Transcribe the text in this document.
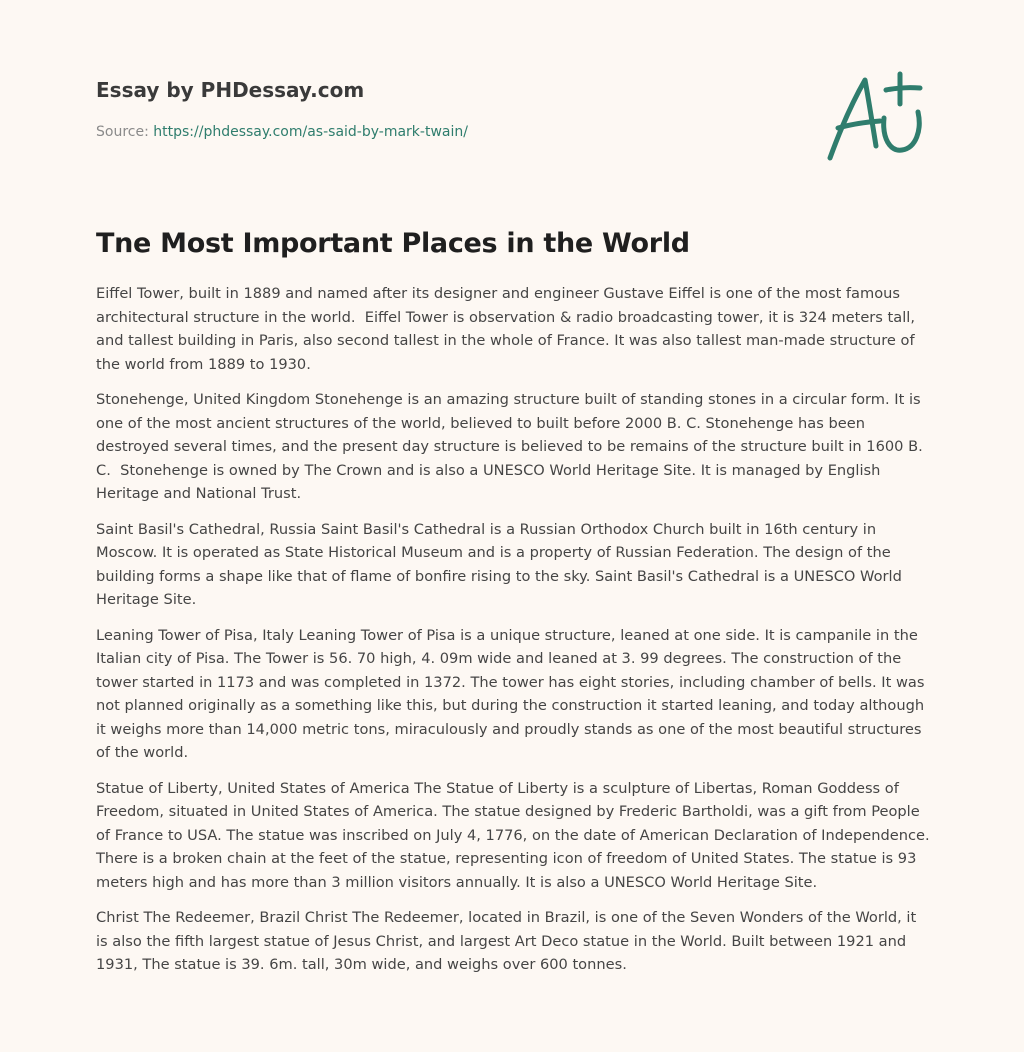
Essay by PHDessay.com
Source: https://phdessay.com/as-said-by-mark-twain/
Tne Most Important Places in the World

Eiffel Tower, built in 1889 and named after its designer and engineer Gustave Eiffel is one of the most famous architectural structure in the world.  Eiffel Tower is observation & radio broadcasting tower, it is 324 meters tall, and tallest building in Paris, also second tallest in the whole of France. It was also tallest man-made structure of the world from 1889 to 1930.

Stonehenge, United Kingdom Stonehenge is an amazing structure built of standing stones in a circular form. It is one of the most ancient structures of the world, believed to built before 2000 B. C. Stonehenge has been destroyed several times, and the present day structure is believed to be remains of the structure built in 1600 B. C.  Stonehenge is owned by The Crown and is also a UNESCO World Heritage Site. It is managed by English Heritage and National Trust.

Saint Basil's Cathedral, Russia Saint Basil's Cathedral is a Russian Orthodox Church built in 16th century in Moscow. It is operated as State Historical Museum and is a property of Russian Federation. The design of the building forms a shape like that of flame of bonfire rising to the sky. Saint Basil's Cathedral is a UNESCO World Heritage Site.

Leaning Tower of Pisa, Italy Leaning Tower of Pisa is a unique structure, leaned at one side. It is campanile in the Italian city of Pisa. The Tower is 56. 70 high, 4. 09m wide and leaned at 3. 99 degrees. The construction of the tower started in 1173 and was completed in 1372. The tower has eight stories, including chamber of bells. It was not planned originally as a something like this, but during the construction it started leaning, and today although it weighs more than 14,000 metric tons, miraculously and proudly stands as one of the most beautiful structures of the world.

Statue of Liberty, United States of America The Statue of Liberty is a sculpture of Libertas, Roman Goddess of Freedom, situated in United States of America. The statue designed by Frederic Bartholdi, was a gift from People of France to USA. The statue was inscribed on July 4, 1776, on the date of American Declaration of Independence. There is a broken chain at the feet of the statue, representing icon of freedom of United States. The statue is 93 meters high and has more than 3 million visitors annually. It is also a UNESCO World Heritage Site.

Christ The Redeemer, Brazil Christ The Redeemer, located in Brazil, is one of the Seven Wonders of the World, it is also the fifth largest statue of Jesus Christ, and largest Art Deco statue in the World. Built between 1921 and 1931, The statue is 39. 6m. tall, 30m wide, and weighs over 600 tonnes.
